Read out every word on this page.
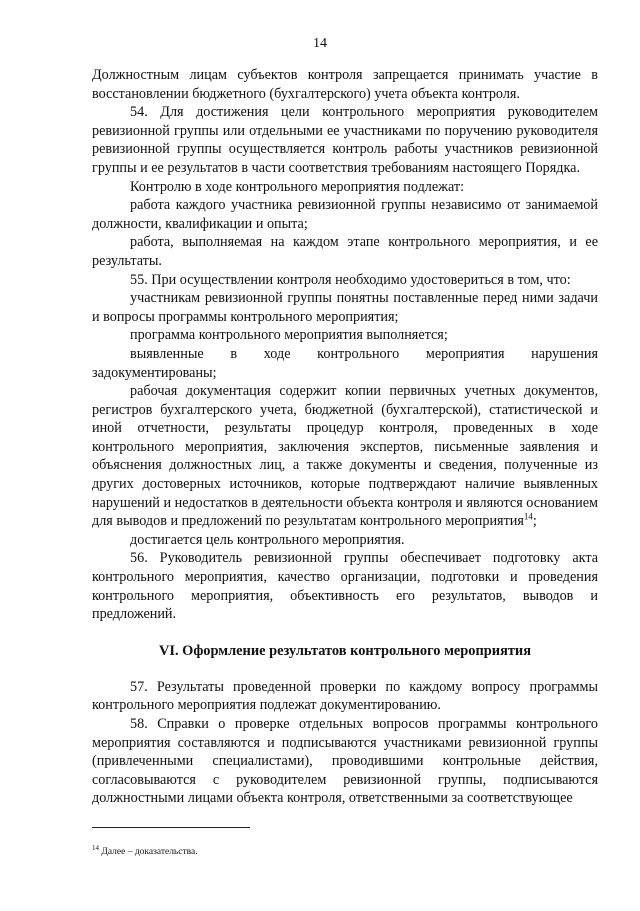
14

Должностным лицам субъектов контроля запрещается принимать участие в восстановлении бюджетного (бухгалтерского) учета объекта контроля.

54. Для достижения цели контрольного мероприятия руководителем ревизионной группы или отдельными ее участниками по поручению руководителя ревизионной группы осуществляется контроль работы участников ревизионной группы и ее результатов в части соответствия требованиям настоящего Порядка.

Контролю в ходе контрольного мероприятия подлежат:

работа каждого участника ревизионной группы независимо от занимаемой должности, квалификации и опыта;

работа, выполняемая на каждом этапе контрольного мероприятия, и ее результаты.

55. При осуществлении контроля необходимо удостовериться в том, что:

участникам ревизионной группы понятны поставленные перед ними задачи и вопросы программы контрольного мероприятия;

программа контрольного мероприятия выполняется;

выявленные в ходе контрольного мероприятия нарушения задокументированы;

рабочая документация содержит копии первичных учетных документов, регистров бухгалтерского учета, бюджетной (бухгалтерской), статистической и иной отчетности, результаты процедур контроля, проведенных в ходе контрольного мероприятия, заключения экспертов, письменные заявления и объяснения должностных лиц, а также документы и сведения, полученные из других достоверных источников, которые подтверждают наличие выявленных нарушений и недостатков в деятельности объекта контроля и являются основанием для выводов и предложений по результатам контрольного мероприятия$^{14}$;

достигается цель контрольного мероприятия.

56. Руководитель ревизионной группы обеспечивает подготовку акта контрольного мероприятия, качество организации, подготовки и проведения контрольного мероприятия, объективность его результатов, выводов и предложений.

VI. Оформление результатов контрольного мероприятия

57. Результаты проведенной проверки по каждому вопросу программы контрольного мероприятия подлежат документированию.

58. Справки о проверке отдельных вопросов программы контрольного мероприятия составляются и подписываются участниками ревизионной группы (привлеченными специалистами), проводившими контрольные действия, согласовываются с руководителем ревизионной группы, подписываются должностными лицами объекта контроля, ответственными за соответствующее

$^{14}$ Далее – доказательства.
